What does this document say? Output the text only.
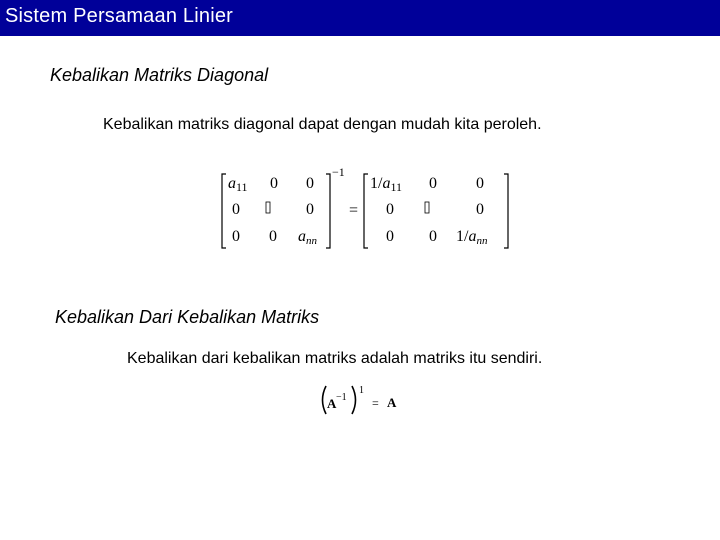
Sistem Persamaan Linier
Kebalikan Matriks Diagonal
Kebalikan matriks diagonal dapat dengan mudah kita peroleh.
a11 0 0
0	0
0 0 ann
−1
=
1/a11 0 0
0	0
0 0 1/ann
Kebalikan Dari Kebalikan Matriks
Kebalikan dari kebalikan matriks adalah matriks itu sendiri.
A −1
1
= A
